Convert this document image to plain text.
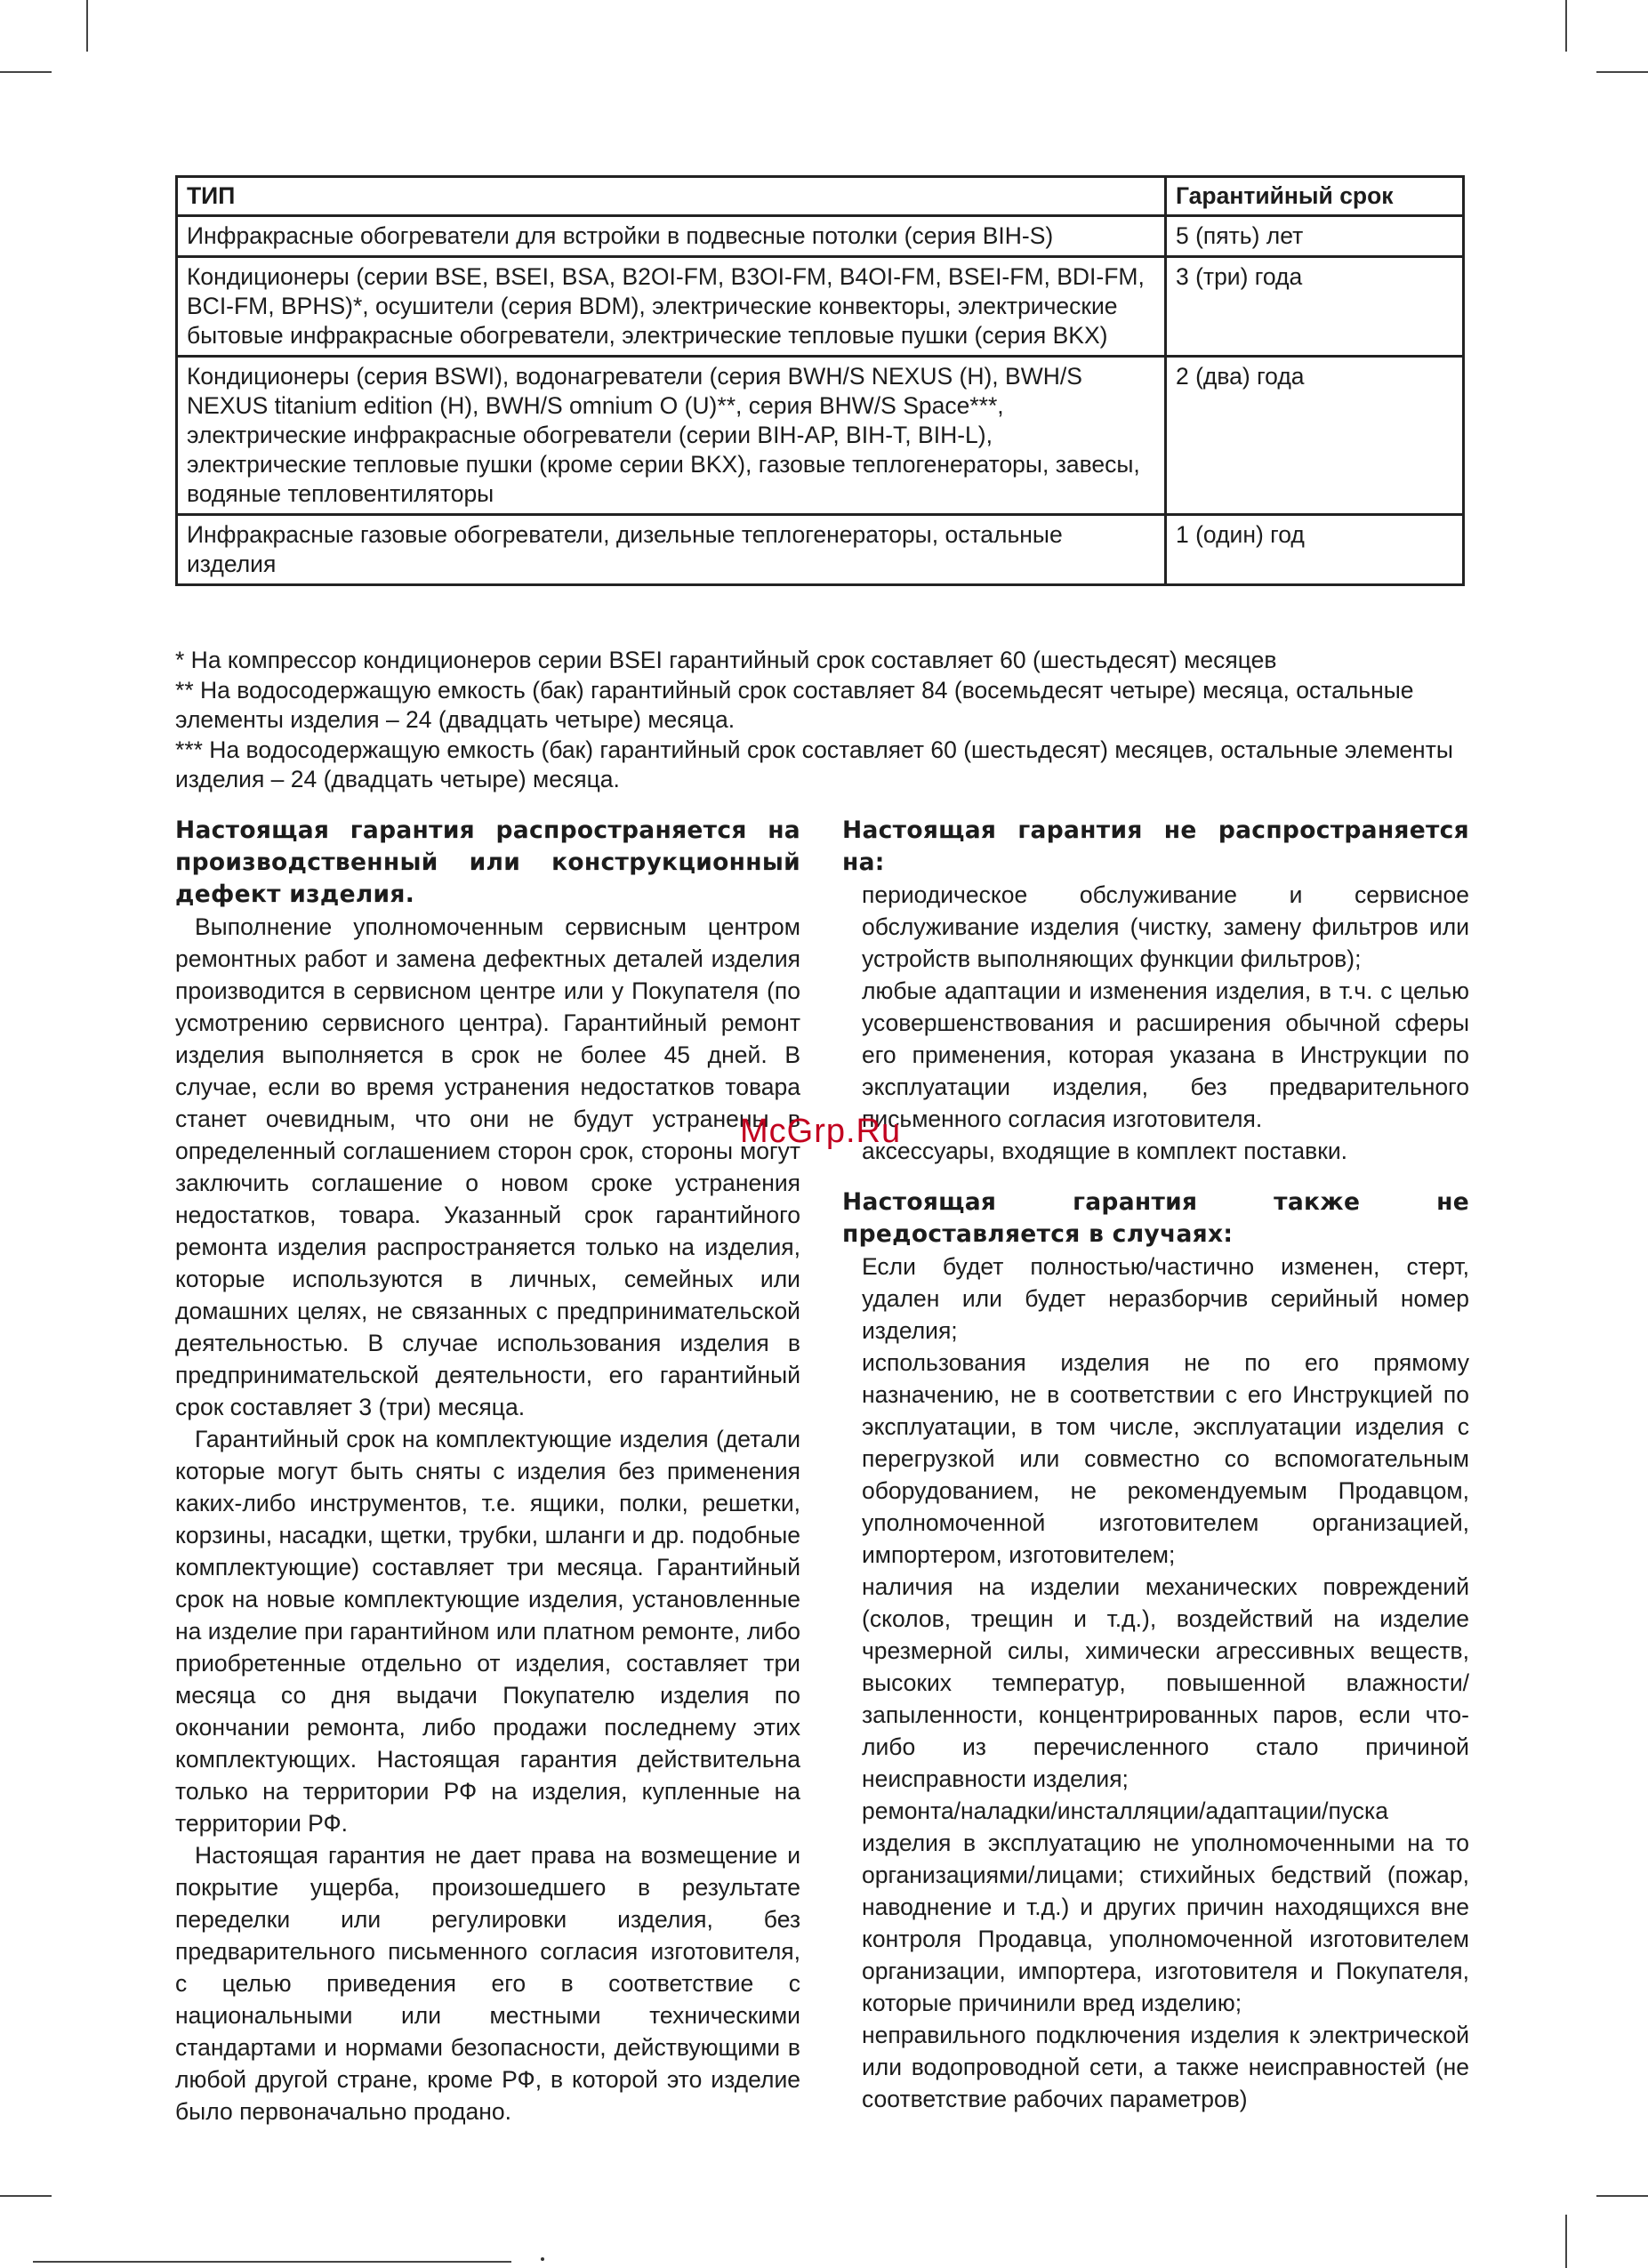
ТИП	Гарантийный срок
Инфракрасные обогреватели для встройки в подвесные потолки (серия BIH-S)	5 (пять) лет
Кондиционеры (серии BSE, BSEI, BSA, B2OI-FM, B3OI-FM, B4OI-FM, BSEI-FM, BDI-FM, BCI-FM, BPHS)*, осушители (серия BDM), электрические конвекторы, электрические бытовые инфракрасные обогреватели, электрические тепловые пушки (серия BKX)	3 (три) года
Кондиционеры (серия BSWI), водонагреватели (серия BWH/S NEXUS (H), BWH/S NEXUS titanium edition (H), BWH/S omnium O (U)**, серия BHW/S Space***, электрические инфракрасные обогреватели (серии BIH-AP, BIH-T, BIH-L), электрические тепловые пушки (кроме серии BKX), газовые теплогенераторы, завесы, водяные тепловентиляторы	2 (два) года
Инфракрасные газовые обогреватели, дизельные теплогенераторы, остальные изделия	1 (один) год

* На компрессор кондиционеров серии BSEI гарантийный срок составляет 60 (шестьдесят) месяцев

** На водосодержащую емкость (бак) гарантийный срок составляет 84 (восемьдесят четыре) месяца, остальные элементы изделия – 24 (двадцать четыре) месяца.

*** На водосодержащую емкость (бак) гарантийный срок составляет 60 (шестьдесят) месяцев, остальные элементы изделия – 24 (двадцать четыре) месяца.

Настоящая гарантия распространяется на производственный или конструкционный дефект изделия.

Выполнение уполномоченным сервисным центром ремонтных работ и замена дефектных деталей изделия производится в сервисном центре или у Покупателя (по усмотрению сервисного центра). Гарантийный ремонт изделия выполняется в срок не более 45 дней. В случае, если во время устранения недостатков товара станет очевидным, что они не будут устранены в определенный соглашением сторон срок, стороны могут заключить соглашение о новом сроке устранения недостатков, товара. Указанный срок гарантийного ремонта изделия распространяется только на изделия, которые используются в личных, семейных или домашних целях, не связанных с предпринимательской деятельностью. В случае использования изделия в предпринимательской деятельности, его гарантийный срок составляет 3 (три) месяца.

Гарантийный срок на комплектующие изделия (детали которые могут быть сняты с изделия без применения каких-либо инструментов, т.е. ящики, полки, решетки, корзины, насадки, щетки, трубки, шланги и др. подобные комплектующие) составляет три месяца. Гарантийный срок на новые комплектующие изделия, установленные на изделие при гарантийном или платном ремонте, либо приобретенные отдельно от изделия, составляет три месяца со дня выдачи Покупателю изделия по окончании ремонта, либо продажи последнему этих комплектующих. Настоящая гарантия действительна только на территории РФ на изделия, купленные на территории РФ.

Настоящая гарантия не дает права на возмещение и покрытие ущерба, произошедшего в результате переделки или регулировки изделия, без предварительного письменного согласия изготовителя, с целью приведения его в соответствие с национальными или местными техническими стандартами и нормами безопасности, действующими в любой другой стране, кроме РФ, в которой это изделие было первоначально продано.

Настоящая гарантия не распространяется на:
периодическое обслуживание и сервисное обслуживание изделия (чистку, замену фильтров или устройств выполняющих функции фильтров);
любые адаптации и изменения изделия, в т.ч. с целью усовершенствования и расширения обычной сферы его применения, которая указана в Инструкции по эксплуатации изделия, без предварительного письменного согласия изготовителя.
аксессуары, входящие в комплект поставки.
Настоящая гарантия также не предоставляется в случаях:
Если будет полностью/частично изменен, стерт, удален или будет неразборчив серийный номер изделия;
использования изделия не по его прямому назначению, не в соответствии с его Инструкцией по эксплуатации, в том числе, эксплуатации изделия с перегрузкой или совместно со вспомогательным оборудованием, не рекомендуемым Продавцом, уполномоченной изготовителем организацией, импортером, изготовителем;
наличия на изделии механических повреждений (сколов, трещин и т.д.), воздействий на изделие чрезмерной силы, химически агрессивных веществ, высоких температур, повышенной влажности/запыленности, концентрированных паров, если что-либо из перечисленного стало причиной неисправности изделия;
ремонта/наладки/инсталляции/адаптации/пуска изделия в эксплуатацию не уполномоченными на то организациями/лицами; стихийных бедствий (пожар, наводнение и т.д.) и других причин находящихся вне контроля Продавца, уполномоченной изготовителем организации, импортера, изготовителя и Покупателя, которые причинили вред изделию;
неправильного подключения изделия к электрической или водопроводной сети, а также неисправностей (не соответствие рабочих параметров)
McGrp.Ru
